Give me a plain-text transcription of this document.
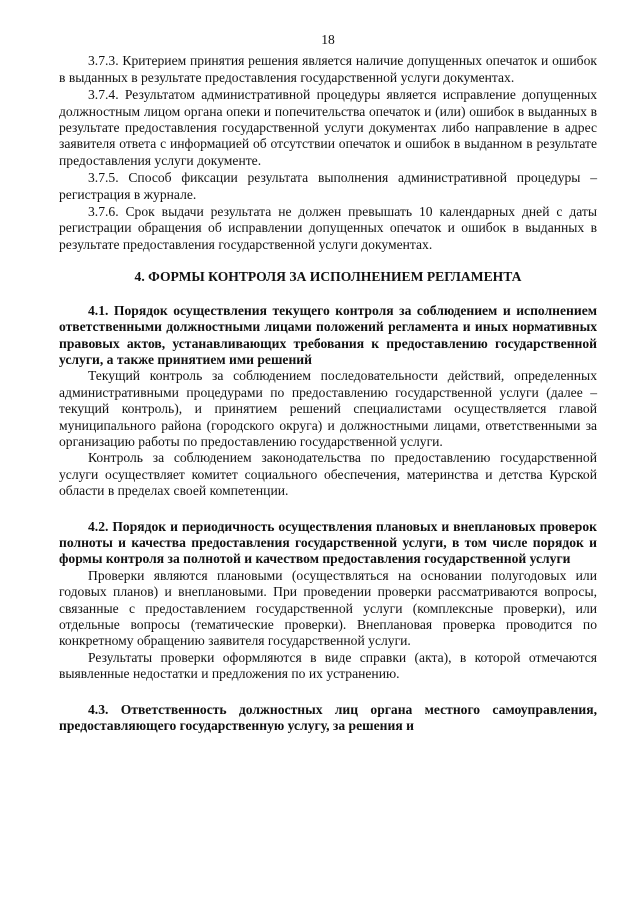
18

3.7.3. Критерием принятия решения является наличие допущенных опечаток и ошибок в выданных в результате предоставления государственной услуги документах.

3.7.4. Результатом административной процедуры является исправление допущенных должностным лицом органа опеки и попечительства опечаток и (или) ошибок в выданных в результате предоставления государственной услуги документах либо направление в адрес заявителя ответа с информацией об отсутствии опечаток и ошибок в выданном в результате предоставления услуги документе.

3.7.5. Способ фиксации результата выполнения административной процедуры – регистрация в журнале.

3.7.6. Срок выдачи результата не должен превышать 10 календарных дней с даты регистрации обращения об исправлении допущенных опечаток и ошибок в выданных в результате предоставления государственной услуги документах.

4. ФОРМЫ КОНТРОЛЯ ЗА ИСПОЛНЕНИЕМ РЕГЛАМЕНТА

4.1. Порядок осуществления текущего контроля за соблюдением и исполнением ответственными должностными лицами положений регламента и иных нормативных правовых актов, устанавливающих требования к предоставлению государственной услуги, а также принятием ими решений

Текущий контроль за соблюдением последовательности действий, определенных административными процедурами по предоставлению государственной услуги (далее – текущий контроль), и принятием решений специалистами осуществляется главой муниципального района (городского округа) и должностными лицами, ответственными за организацию работы по предоставлению государственной услуги.

Контроль за соблюдением законодательства по предоставлению государственной услуги осуществляет комитет социального обеспечения, материнства и детства Курской области в пределах своей компетенции.

4.2. Порядок и периодичность осуществления плановых и внеплановых проверок полноты и качества предоставления государственной услуги, в том числе порядок и формы контроля за полнотой и качеством предоставления государственной услуги

Проверки являются плановыми (осуществляться на основании полугодовых или годовых планов) и внеплановыми. При проведении проверки рассматриваются вопросы, связанные с предоставлением государственной услуги (комплексные проверки), или отдельные вопросы (тематические проверки). Внеплановая проверка проводится по конкретному обращению заявителя государственной услуги.

Результаты проверки оформляются в виде справки (акта), в которой отмечаются выявленные недостатки и предложения по их устранению.

4.3. Ответственность должностных лиц органа местного самоуправления, предоставляющего государственную услугу, за решения и
